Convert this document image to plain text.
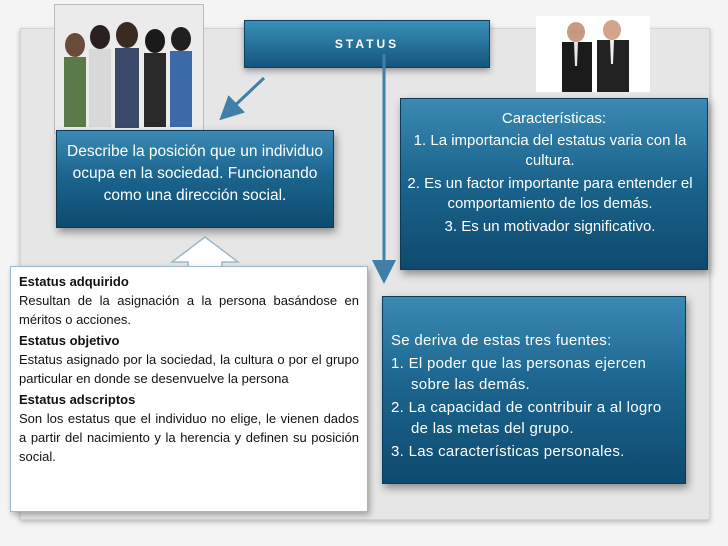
STATUS
Describe la posición que un individuo ocupa en la sociedad. Funcionando como una dirección social.
Características:
1. La importancia del estatus varia con la cultura.
2. Es un factor importante para entender el comportamiento de los demás.
3. Es un motivador significativo.
Estatus adquirido
Resultan de la asignación a la persona basándose en méritos o acciones.
Estatus objetivo
Estatus asignado por la sociedad, la cultura o por el grupo particular en donde se desenvuelve la persona
Estatus adscriptos
Son los estatus que el individuo no elige, le vienen dados a partir del nacimiento y la herencia y definen su posición social.
Se deriva de estas tres fuentes:
1. El poder que las personas ejercen sobre las demás.
2. La capacidad de contribuir a al logro de las metas del grupo.
3. Las características personales.
